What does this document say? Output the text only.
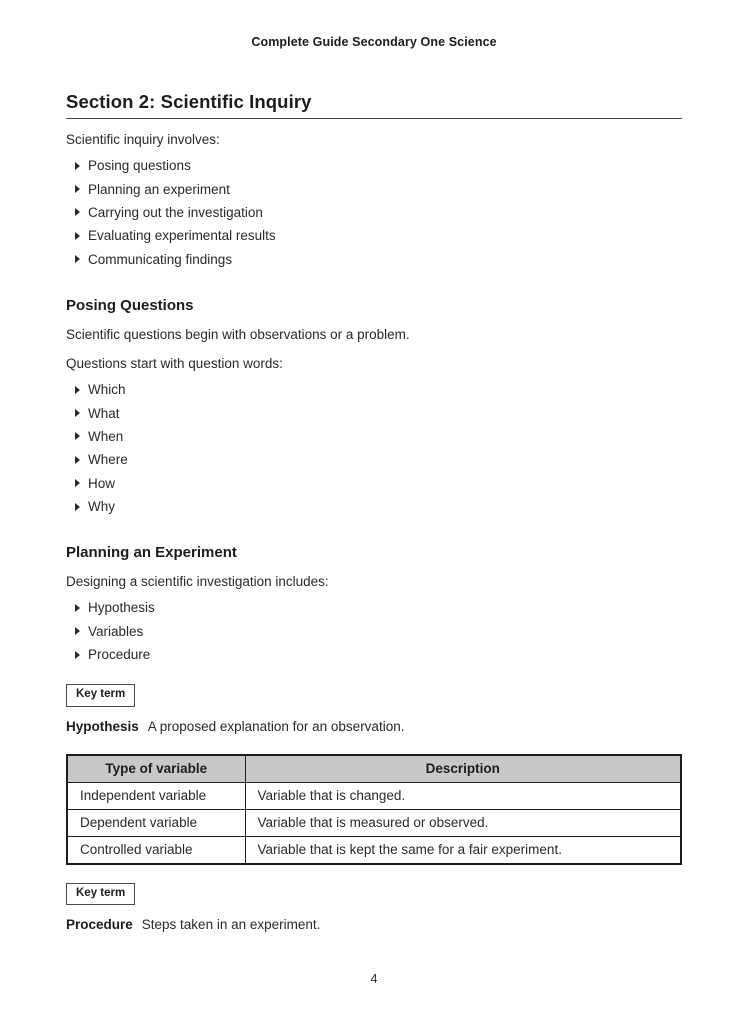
Complete Guide Secondary One Science
Section 2: Scientific Inquiry

Scientific inquiry involves:

Posing questions
Planning an experiment
Carrying out the investigation
Evaluating experimental results
Communicating findings
Posing Questions

Scientific questions begin with observations or a problem.

Questions start with question words:

Which
What
When
Where
How
Why
Planning an Experiment

Designing a scientific investigation includes:

Hypothesis
Variables
Procedure
Key term

Hypothesis A proposed explanation for an observation.

Type of variable	Description
Independent variable	Variable that is changed.
Dependent variable	Variable that is measured or observed.
Controlled variable	Variable that is kept the same for a fair experiment.
Key term

Procedure Steps taken in an experiment.

4
